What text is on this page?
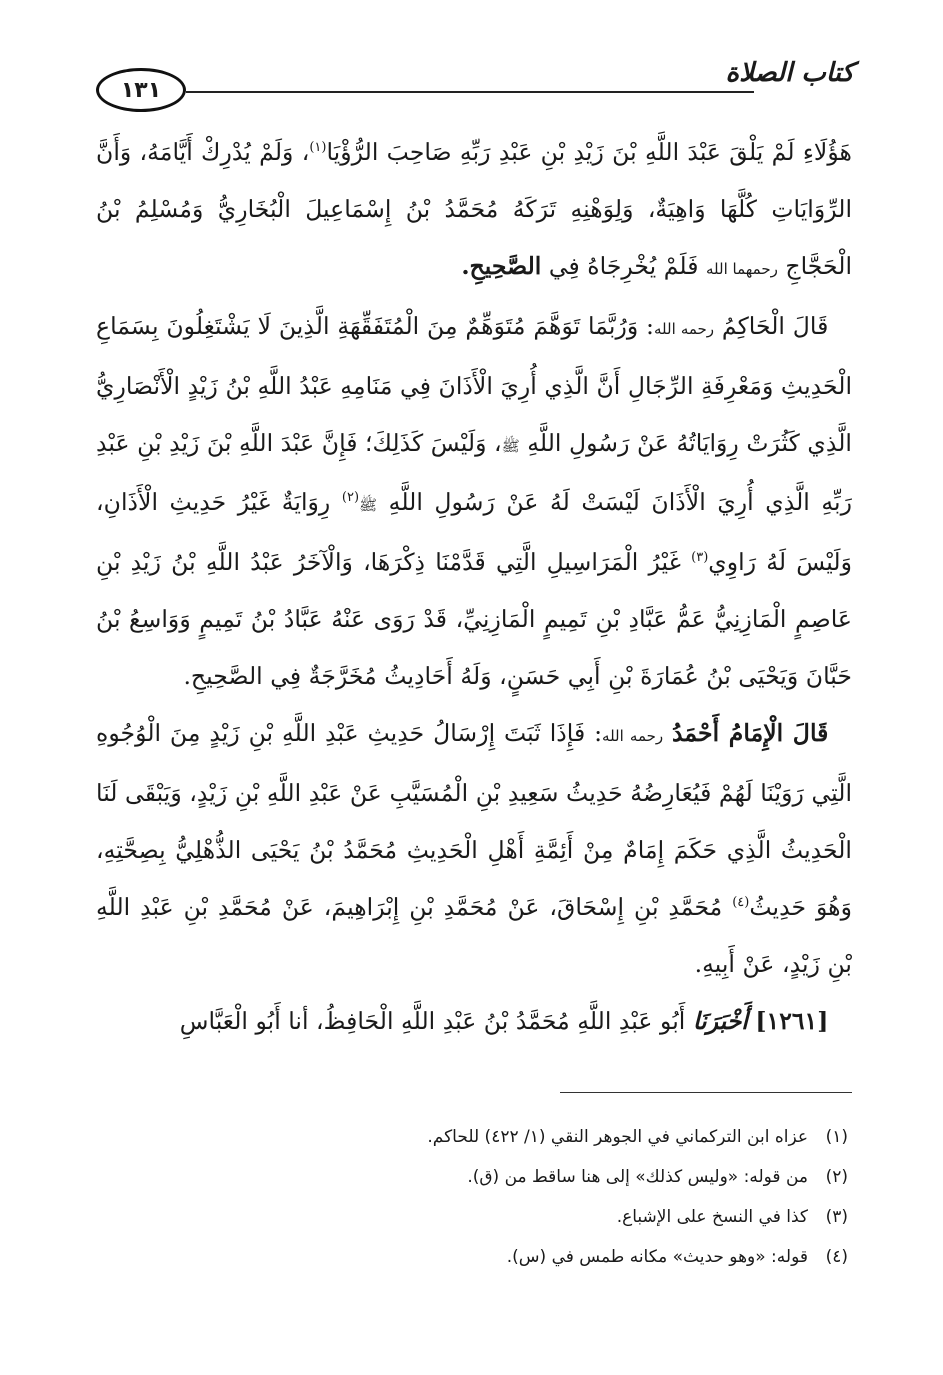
كتاب الصلاة
١٣١

هَؤُلَاءِ لَمْ يَلْقَ عَبْدَ اللَّهِ بْنَ زَيْدِ بْنِ عَبْدِ رَبِّهِ صَاحِبَ الرُّؤْيَا$^{(١)}$، وَلَمْ يُدْرِكْ أَيَّامَهُ، وَأَنَّ الرِّوَايَاتِ كُلَّهَا وَاهِيَةٌ، وَلِوَهْنِهِ تَرَكَهُ مُحَمَّدُ بْنُ إِسْمَاعِيلَ الْبُخَارِيُّ وَمُسْلِمُ بْنُ الْحَجَّاجِ رحمهما الله فَلَمْ يُخْرِجَاهُ فِي الصَّحِيحِ.

 قَالَ الْحَاكِمُ رحمه الله: وَرُبَّمَا تَوَهَّمَ مُتَوَهِّمٌ مِنَ الْمُتَفَقِّهَةِ الَّذِينَ لَا يَشْتَغِلُونَ بِسَمَاعِ الْحَدِيثِ وَمَعْرِفَةِ الرِّجَالِ أَنَّ الَّذِي أُرِيَ الْأَذَانَ فِي مَنَامِهِ عَبْدُ اللَّهِ بْنُ زَيْدٍ الْأَنْصَارِيُّ الَّذِي كَثُرَتْ رِوَايَاتُهُ عَنْ رَسُولِ اللَّهِ ﷺ، وَلَيْسَ كَذَلِكَ؛ فَإِنَّ عَبْدَ اللَّهِ بْنَ زَيْدِ بْنِ عَبْدِ رَبِّهِ الَّذِي أُرِيَ الْأَذَانَ لَيْسَتْ لَهُ عَنْ رَسُولِ اللَّهِ ﷺ$^{(٢)}$ رِوَايَةٌ غَيْرُ حَدِيثِ الْأَذَانِ، وَلَيْسَ لَهُ رَاوِي$^{(٣)}$ غَيْرُ الْمَرَاسِيلِ الَّتِي قَدَّمْنَا ذِكْرَهَا، وَالْآخَرُ عَبْدُ اللَّهِ بْنُ زَيْدِ بْنِ عَاصِمٍ الْمَازِنِيُّ عَمُّ عَبَّادِ بْنِ تَمِيمٍ الْمَازِنِيِّ، قَدْ رَوَى عَنْهُ عَبَّادُ بْنُ تَمِيمٍ وَوَاسِعُ بْنُ حَبَّانَ وَيَحْيَى بْنُ عُمَارَةَ بْنِ أَبِي حَسَنٍ، وَلَهُ أَحَادِيثُ مُخَرَّجَةٌ فِي الصَّحِيحِ.

 قَالَ الْإِمَامُ أَحْمَدُ رحمه الله: فَإِذَا ثَبَتَ إِرْسَالُ حَدِيثِ عَبْدِ اللَّهِ بْنِ زَيْدٍ مِنَ الْوُجُوهِ الَّتِي رَوَيْنَا لَهُمْ فَيُعَارِضُهُ حَدِيثُ سَعِيدِ بْنِ الْمُسَيَّبِ عَنْ عَبْدِ اللَّهِ بْنِ زَيْدٍ، وَيَبْقَى لَنَا الْحَدِيثُ الَّذِي حَكَمَ إِمَامٌ مِنْ أَئِمَّةِ أَهْلِ الْحَدِيثِ مُحَمَّدُ بْنُ يَحْيَى الذُّهْلِيُّ بِصِحَّتِهِ، وَهُوَ حَدِيثُ$^{(٤)}$ مُحَمَّدِ بْنِ إِسْحَاقَ، عَنْ مُحَمَّدِ بْنِ إِبْرَاهِيمَ، عَنْ مُحَمَّدِ بْنِ عَبْدِ اللَّهِ بْنِ زَيْدٍ، عَنْ أَبِيهِ.

 [١٢٦١] أَخْبَرَنَا أَبُو عَبْدِ اللَّهِ مُحَمَّدُ بْنُ عَبْدِ اللَّهِ الْحَافِظُ، أنا أَبُو الْعَبَّاسِ

(١)عزاه ابن التركماني في الجوهر النقي (١/ ٤٢٢) للحاكم.
(٢)من قوله: «وليس كذلك» إلى هنا ساقط من (ق).
(٣)كذا في النسخ على الإشباع.
(٤)قوله: «وهو حديث» مكانه طمس في (س).
